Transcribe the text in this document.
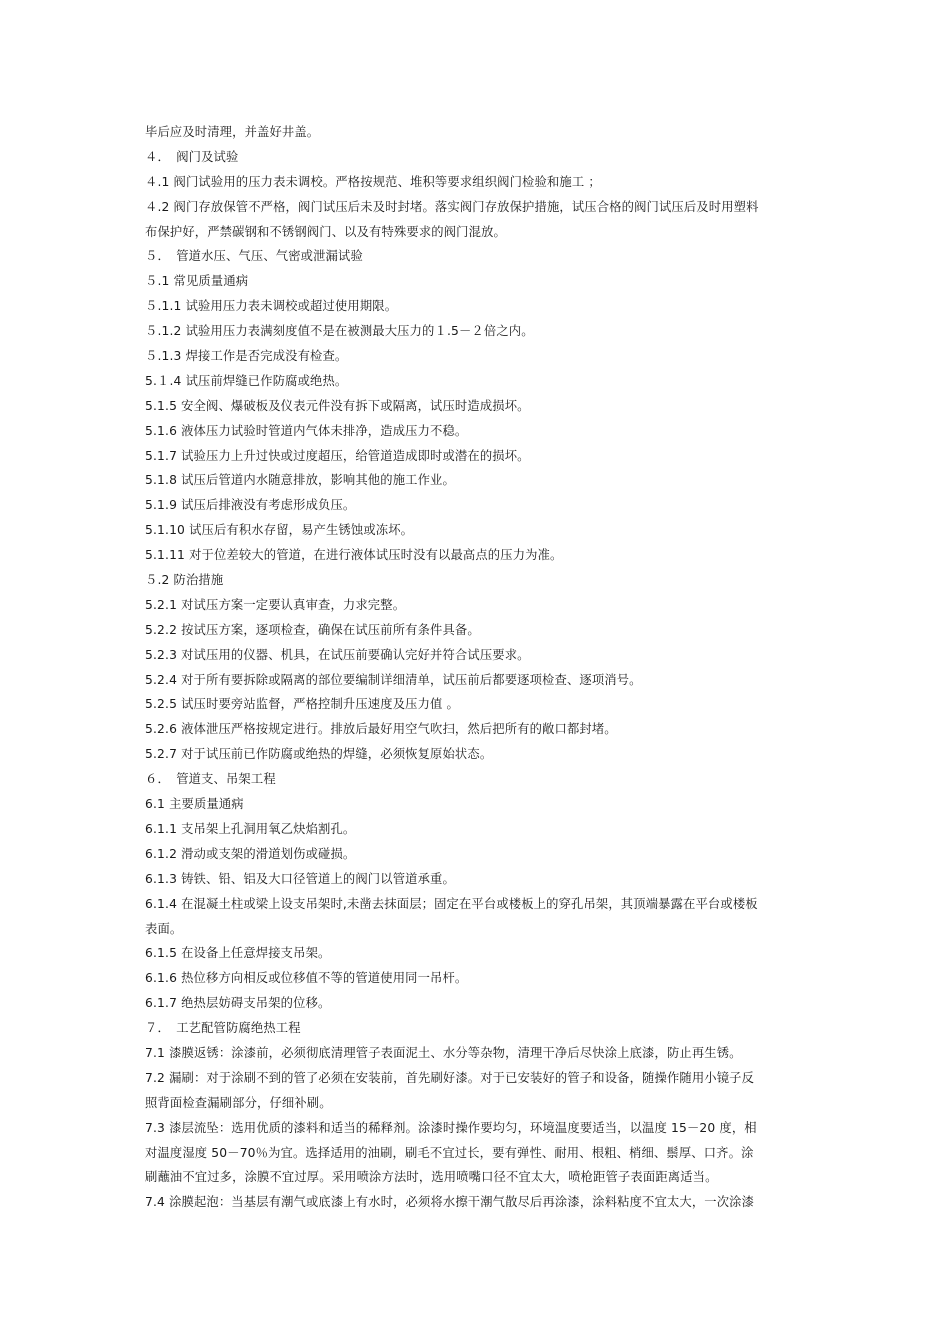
毕后应及时清理，并盖好井盖。
４．　阀门及试验
４.1 阀门试验用的压力表未调校。严格按规范、堆积等要求组织阀门检验和施工 ；
４.2 阀门存放保管不严格，阀门试压后未及时封堵。落实阀门存放保护措施，试压合格的阀门试压后及时用塑料
布保护好，严禁碳钢和不锈钢阀门、以及有特殊要求的阀门混放。
５．　管道水压、气压、气密或泄漏试验
５.1 常见质量通病
５.1.1 试验用压力表未调校或超过使用期限。
５.1.2 试验用压力表满刻度值不是在被测最大压力的１.5－２倍之内。
５.1.3 焊接工作是否完成没有检查。
5.１.4 试压前焊缝已作防腐或绝热。
5.1.5 安全阀、爆破板及仪表元件没有拆下或隔离，试压时造成损坏。
5.1.6 液体压力试验时管道内气体未排净，造成压力不稳。
5.1.7 试验压力上升过快或过度超压，给管道造成即时或潜在的损坏。
5.1.8 试压后管道内水随意排放，影响其他的施工作业。
5.1.9 试压后排液没有考虑形成负压。
5.1.10 试压后有积水存留，易产生锈蚀或冻坏。
5.1.11 对于位差较大的管道，在进行液体试压时没有以最高点的压力为准。
５.2 防治措施
5.2.1 对试压方案一定要认真审查，力求完整。
5.2.2 按试压方案，逐项检查，确保在试压前所有条件具备。
5.2.3 对试压用的仪器、机具，在试压前要确认完好并符合试压要求。
5.2.4 对于所有要拆除或隔离的部位要编制详细清单，试压前后都要逐项检查、逐项消号。
5.2.5 试压时要旁站监督，严格控制升压速度及压力值 。
5.2.6 液体泄压严格按规定进行。排放后最好用空气吹扫，然后把所有的敞口都封堵。
5.2.7 对于试压前已作防腐或绝热的焊缝，必须恢复原始状态。
６．　管道支、吊架工程
6.1 主要质量通病
6.1.1 支吊架上孔洞用氧乙炔焰割孔。
6.1.2 滑动或支架的滑道划伤或碰损。
6.1.3 铸铁、铅、铝及大口径管道上的阀门以管道承重。
6.1.4 在混凝土柱或梁上设支吊架时,未凿去抹面层；固定在平台或楼板上的穿孔吊架，其顶端暴露在平台或楼板
表面。
6.1.5 在设备上任意焊接支吊架。
6.1.6 热位移方向相反或位移值不等的管道使用同一吊杆。
6.1.7 绝热层妨碍支吊架的位移。
７．　工艺配管防腐绝热工程
7.1 漆膜返锈：涂漆前，必须彻底清理管子表面泥土、水分等杂物，清理干净后尽快涂上底漆，防止再生锈。
7.2 漏刷：对于涂刷不到的管了必须在安装前，首先刷好漆。对于已安装好的管子和设备，随操作随用小镜子反
照背面检查漏刷部分，仔细补刷。
7.3 漆层流坠：选用优质的漆料和适当的稀释剂。涂漆时操作要均匀，环境温度要适当，以温度 15－20 度，相
对温度湿度 50－70％为宜。选择适用的油刷，刷毛不宜过长，要有弹性、耐用、根粗、梢细、鬃厚、口齐。涂
刷蘸油不宜过多，涂膜不宜过厚。采用喷涂方法时，选用喷嘴口径不宜太大，喷枪距管子表面距离适当。
7.4 涂膜起泡：当基层有潮气或底漆上有水时，必须将水擦干潮气散尽后再涂漆，涂料粘度不宜太大，一次涂漆
